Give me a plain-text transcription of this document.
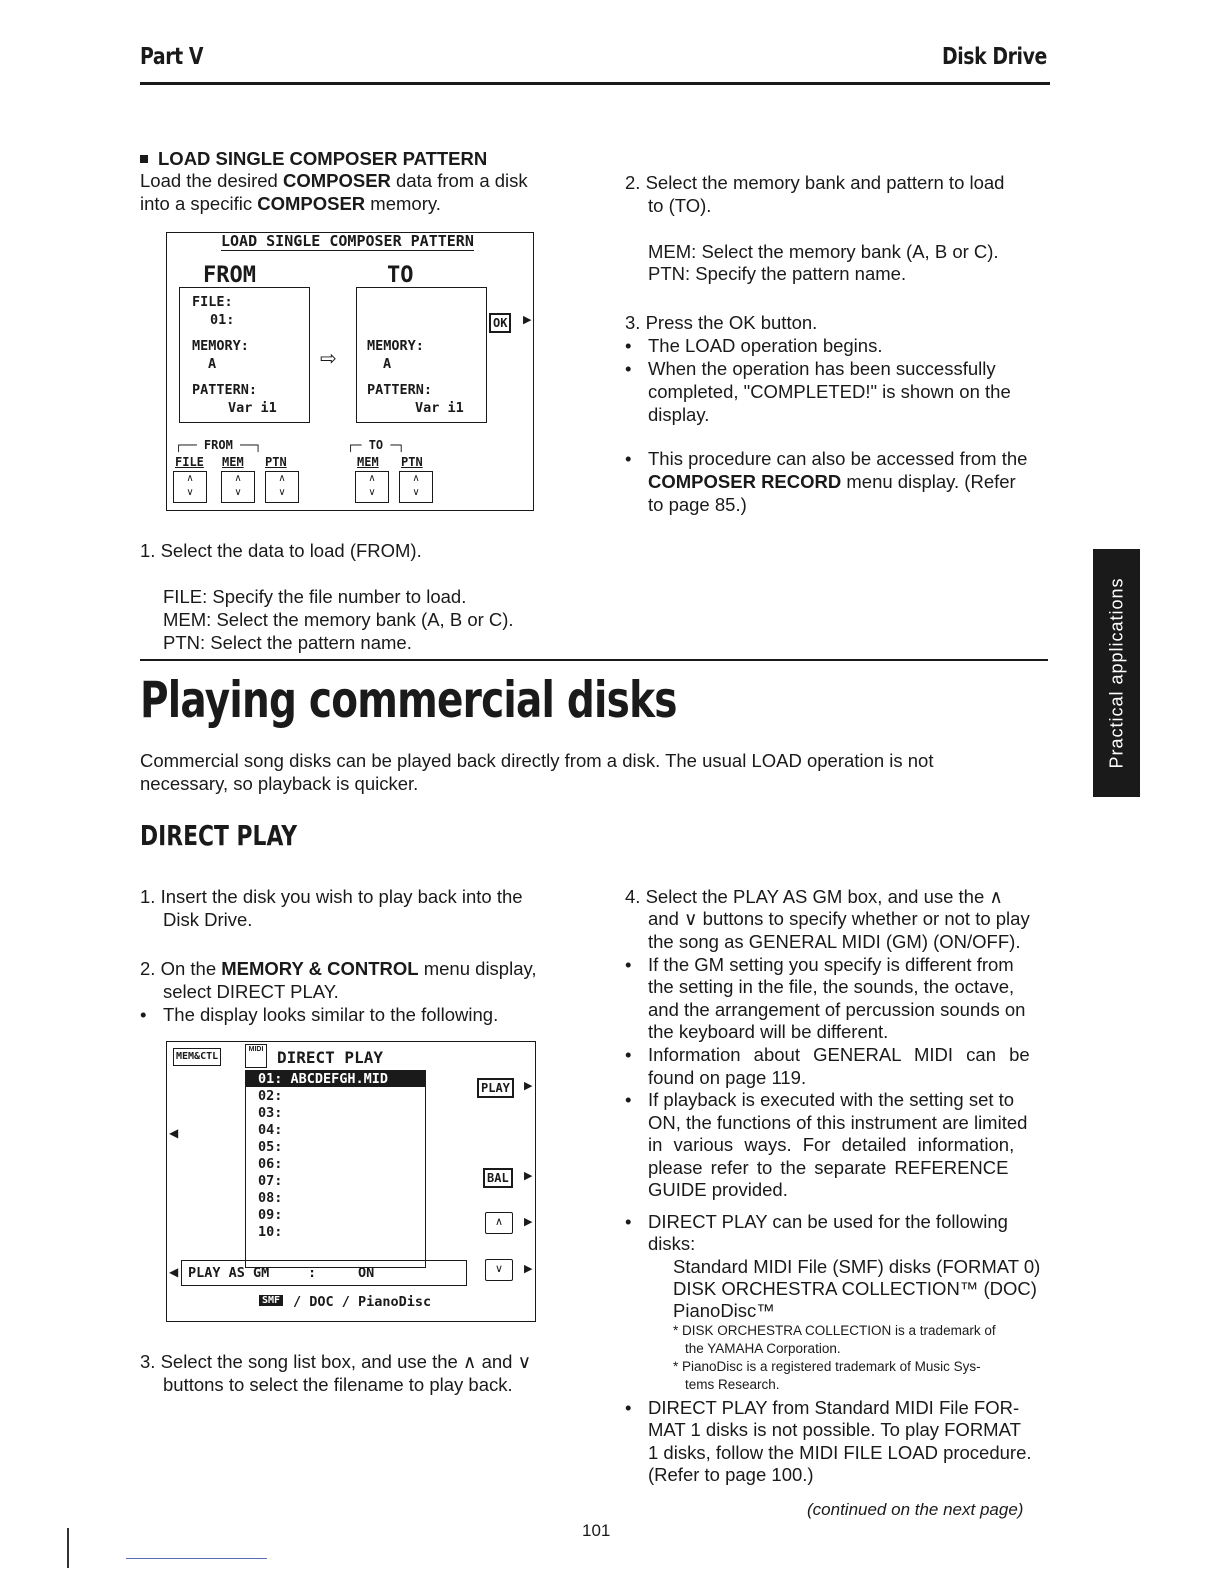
Part V	Disk Drive
Practical applications
LOAD SINGLE COMPOSER PATTERN
Load the desired COMPOSER data from a disk
into a specific COMPOSER memory.
LOAD SINGLE COMPOSER PATTERN
FROM	TO
FILE:
01:
MEMORY:
A
PATTERN:
Var i1
⇨
MEMORY:
A
PATTERN:
Var i1
OK	▶
┌── FROM ──┐	┌─ TO ─┐
FILE MEM PTN	MEM PTN
∧
∨
∧
∨
∧
∨
∧
∨
∧
∨
1. Select the data to load (FROM).
FILE: Specify the file number to load.
MEM: Select the memory bank (A, B or C).
PTN: Select the pattern name.
2. Select the memory bank and pattern to load
to (TO).
MEM: Select the memory bank (A, B or C).
PTN: Specify the pattern name.
3. Press the OK button.
• The LOAD operation begins.
• When the operation has been successfully
completed, "COMPLETED!" is shown on the
display.
• This procedure can also be accessed from the
COMPOSER RECORD menu display. (Refer
to page 85.)
Playing commercial disks
Commercial song disks can be played back directly from a disk. The usual LOAD operation is not
necessary, so playback is quicker.
DIRECT PLAY
1. Insert the disk you wish to play back into the
Disk Drive.
2. On the MEMORY & CONTROL menu display,
select DIRECT PLAY.
• The display looks similar to the following.
MEM&CTL
MIDI DIRECT PLAY
01: ABCDEFGH.MID
02:
03:
04:
05:
06:
07:
08:
09:
10:
◀
PLAY	▶
BAL	▶
∧	▶
∨	▶
◀ PLAY AS GM	:	ON
SMF / DOC / PianoDisc
3. Select the song list box, and use the ∧ and ∨
buttons to select the filename to play back.
4. Select the PLAY AS GM box, and use the ∧
and ∨ buttons to specify whether or not to play
the song as GENERAL MIDI (GM) (ON/OFF).
• If the GM setting you specify is different from
the setting in the file, the sounds, the octave,
and the arrangement of percussion sounds on
the keyboard will be different.
• Information about GENERAL MIDI can be
found on page 119.
• If playback is executed with the setting set to
ON, the functions of this instrument are limited
in various ways. For detailed information,
please refer to the separate REFERENCE
GUIDE provided.
• DIRECT PLAY can be used for the following
disks:
Standard MIDI File (SMF) disks (FORMAT 0)
DISK ORCHESTRA COLLECTION™ (DOC)
PianoDisc™
* DISK ORCHESTRA COLLECTION is a trademark of
the YAMAHA Corporation.
* PianoDisc is a registered trademark of Music Sys-
tems Research.
• DIRECT PLAY from Standard MIDI File FOR-
MAT 1 disks is not possible. To play FORMAT
1 disks, follow the MIDI FILE LOAD procedure.
(Refer to page 100.)
(continued on the next page)
101
